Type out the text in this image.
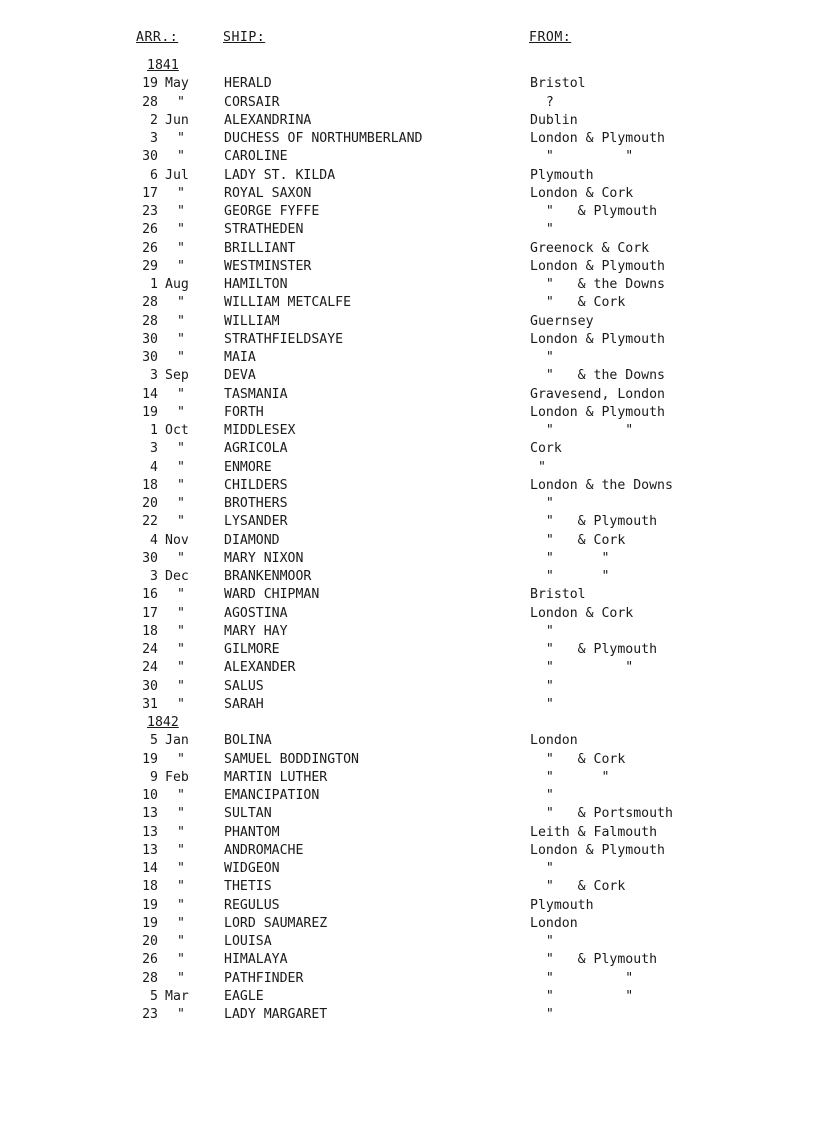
ARR.:	SHIP:	FROM:
1841
19 May	HERALD	Bristol
28 "	CORSAIR	?
2 Jun	ALEXANDRINA	Dublin
3 "	DUCHESS OF NORTHUMBERLAND	London & Plymouth
30 "	CAROLINE	"         "
6 Jul	LADY ST. KILDA	Plymouth
17 "	ROYAL SAXON	London & Cork
23 "	GEORGE FYFFE	"   & Plymouth
26 "	STRATHEDEN	"
26 "	BRILLIANT	Greenock & Cork
29 "	WESTMINSTER	London & Plymouth
1 Aug	HAMILTON	"   & the Downs
28 "	WILLIAM METCALFE	"   & Cork
28 "	WILLIAM	Guernsey
30 "	STRATHFIELDSAYE	London & Plymouth
30 "	MAIA	"
3 Sep	DEVA	"   & the Downs
14 "	TASMANIA	Gravesend, London
19 "	FORTH	London & Plymouth
1 Oct	MIDDLESEX	"         "
3 "	AGRICOLA	Cork
4 "	ENMORE	"
18 "	CHILDERS	London & the Downs
20 "	BROTHERS	"
22 "	LYSANDER	"   & Plymouth
4 Nov	DIAMOND	"   & Cork
30 "	MARY NIXON	"      "
3 Dec	BRANKENMOOR	"      "
16 "	WARD CHIPMAN	Bristol
17 "	AGOSTINA	London & Cork
18 "	MARY HAY	"
24 "	GILMORE	"   & Plymouth
24 "	ALEXANDER	"         "
30 "	SALUS	"
31 "	SARAH	"
1842
5 Jan	BOLINA	London
19 "	SAMUEL BODDINGTON	"   & Cork
9 Feb	MARTIN LUTHER	"      "
10 "	EMANCIPATION	"
13 "	SULTAN	"   & Portsmouth
13 "	PHANTOM	Leith & Falmouth
13 "	ANDROMACHE	London & Plymouth
14 "	WIDGEON	"
18 "	THETIS	"   & Cork
19 "	REGULUS	Plymouth
19 "	LORD SAUMAREZ	London
20 "	LOUISA	"
26 "	HIMALAYA	"   & Plymouth
28 "	PATHFINDER	"         "
5 Mar	EAGLE	"         "
23 "	LADY MARGARET	"
